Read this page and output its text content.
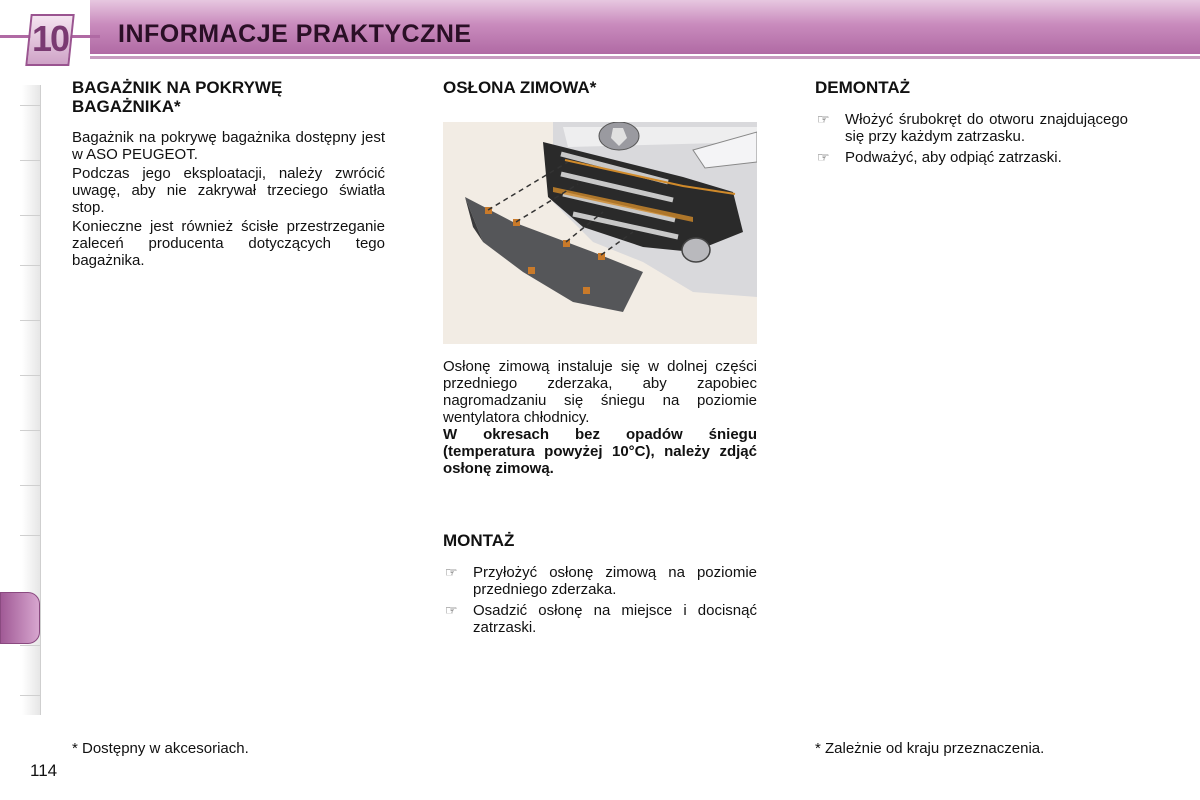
10 INFORMACJE PRAKTYCZNE
BAGAŻNIK NA POKRYWĘ BAGAŻNIKA*

Bagażnik na pokrywę bagażnika dostępny jest w ASO PEUGEOT.

Podczas jego eksploatacji, należy zwrócić uwagę, aby nie zakrywał trzeciego światła stop.

Konieczne jest również ścisłe przestrzeganie zaleceń producenta dotyczących tego bagażnika.

OSŁONA ZIMOWA*

Osłonę zimową instaluje się w dolnej części przedniego zderzaka, aby zapobiec nagromadzaniu się śniegu na poziomie wentylatora chłodnicy.

W okresach bez opadów śniegu (temperatura powyżej 10°C), należy zdjąć osłonę zimową.

MONTAŻ
☞ Przyłożyć osłonę zimową na poziomie przedniego zderzaka.
☞ Osadzić osłonę na miejsce i docisnąć zatrzaski.
DEMONTAŻ
☞ Włożyć śrubokręt do otworu znajdującego się przy każdym zatrzasku.
☞ Podważyć, aby odpiąć zatrzaski.
* Dostępny w akcesoriach.	* Zależnie od kraju przeznaczenia.
114
